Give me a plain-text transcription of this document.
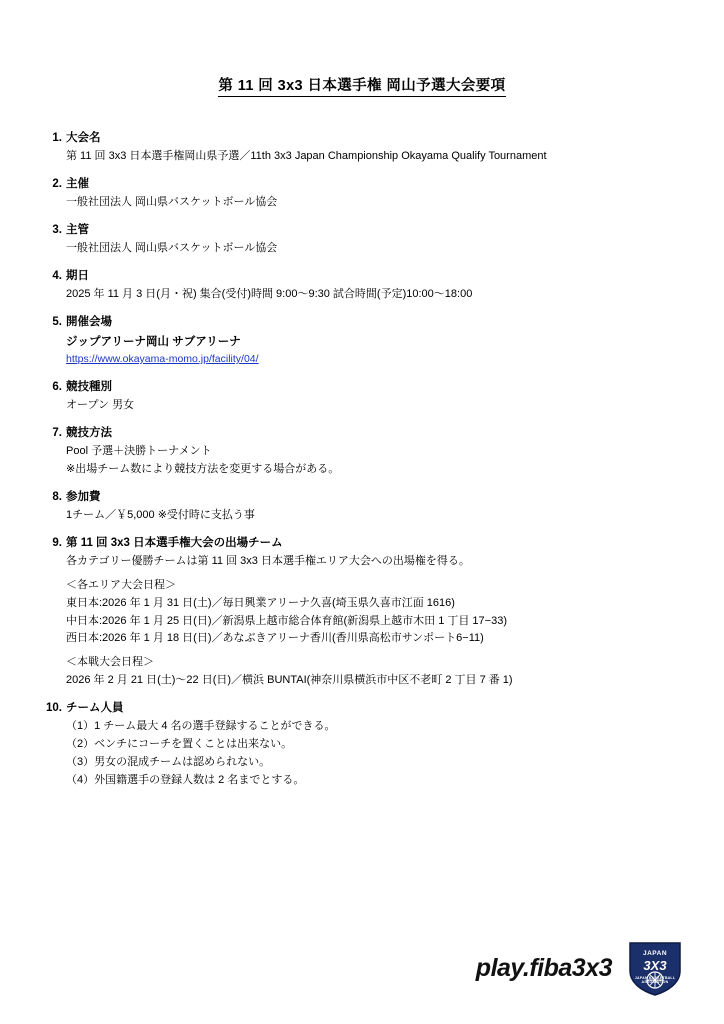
第 11 回 3x3 日本選手権 岡山予選大会要項
1. 大会名
第 11 回 3x3 日本選手権岡山県予選／11th 3x3 Japan Championship Okayama Qualify Tournament
2. 主催
一般社団法人 岡山県バスケットボール協会
3. 主管
一般社団法人 岡山県バスケットボール協会
4. 期日
2025 年 11 月 3 日(月・祝) 集合(受付)時間 9:00〜9:30 試合時間(予定)10:00〜18:00
5. 開催会場
ジップアリーナ岡山 サブアリーナ
https://www.okayama-momo.jp/facility/04/
6. 競技種別
オープン 男女
7. 競技方法
Pool 予選＋決勝トーナメント
※出場チーム数により競技方法を変更する場合がある。
8. 参加費
1チーム／￥5,000 ※受付時に支払う事
9. 第 11 回 3x3 日本選手権大会の出場チーム
各カテゴリー優勝チームは第 11 回 3x3 日本選手権エリア大会への出場権を得る。
＜各エリア大会日程＞
東日本:2026 年 1 月 31 日(土)／毎日興業アリーナ久喜(埼玉県久喜市江面 1616)
中日本:2026 年 1 月 25 日(日)／新潟県上越市総合体育館(新潟県上越市木田 1 丁目 17−33)
西日本:2026 年 1 月 18 日(日)／あなぶきアリーナ香川(香川県高松市サンポート6−11)
＜本戦大会日程＞
2026 年 2 月 21 日(土)〜22 日(日)／横浜 BUNTAI(神奈川県横浜市中区不老町 2 丁目 7 番 1)
10. チーム人員
（1）1 チーム最大 4 名の選手登録することができる。
（2）ベンチにコーチを置くことは出来ない。
（3）男女の混成チームは認められない。
（4）外国籍選手の登録人数は 2 名までとする。
play.fiba3x3	JAPAN
3X3
JAPAN BASKETBALL ASSOCIATION
